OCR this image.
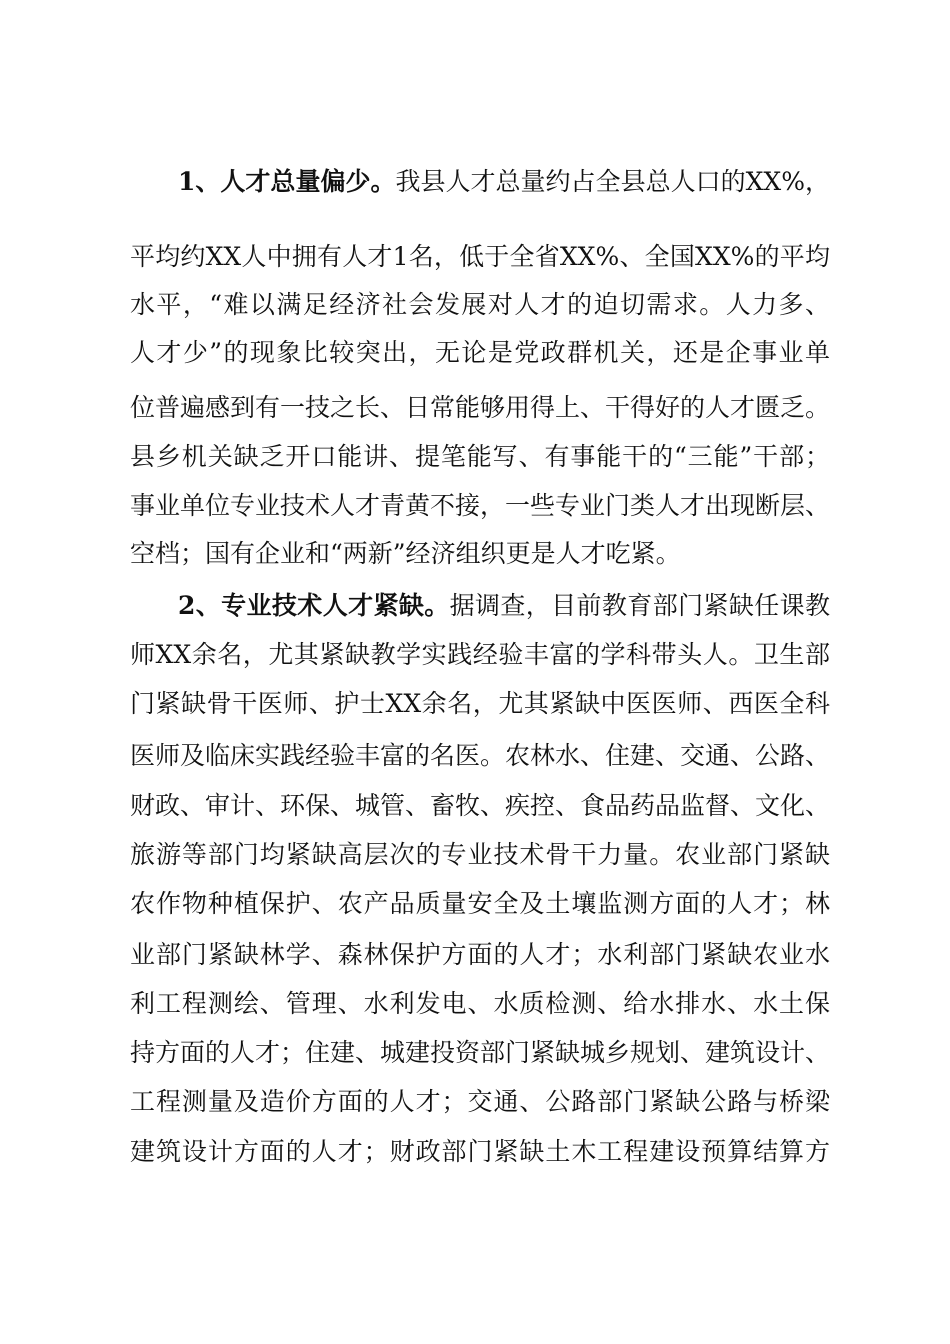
1、人才总量偏少。我县人才总量约占全县总人口的XX%，
平均约XX人中拥有人才1名，低于全省XX%、全国XX%的平均
水平，“难以满足经济社会发展对人才的迫切需求。人力多、
人才少”的现象比较突出，无论是党政群机关，还是企事业单
位普遍感到有一技之长、日常能够用得上、干得好的人才匮乏。
县乡机关缺乏开口能讲、提笔能写、有事能干的“三能”干部；
事业单位专业技术人才青黄不接，一些专业门类人才出现断层、
空档；国有企业和“两新”经济组织更是人才吃紧。
2、专业技术人才紧缺。据调查，目前教育部门紧缺任课教
师XX余名，尤其紧缺教学实践经验丰富的学科带头人。卫生部
门紧缺骨干医师、护士XX余名，尤其紧缺中医医师、西医全科
医师及临床实践经验丰富的名医。农林水、住建、交通、公路、
财政、审计、环保、城管、畜牧、疾控、食品药品监督、文化、
旅游等部门均紧缺高层次的专业技术骨干力量。农业部门紧缺
农作物种植保护、农产品质量安全及土壤监测方面的人才；林
业部门紧缺林学、森林保护方面的人才；水利部门紧缺农业水
利工程测绘、管理、水利发电、水质检测、给水排水、水土保
持方面的人才；住建、城建投资部门紧缺城乡规划、建筑设计、
工程测量及造价方面的人才；交通、公路部门紧缺公路与桥梁
建筑设计方面的人才；财政部门紧缺土木工程建设预算结算方
